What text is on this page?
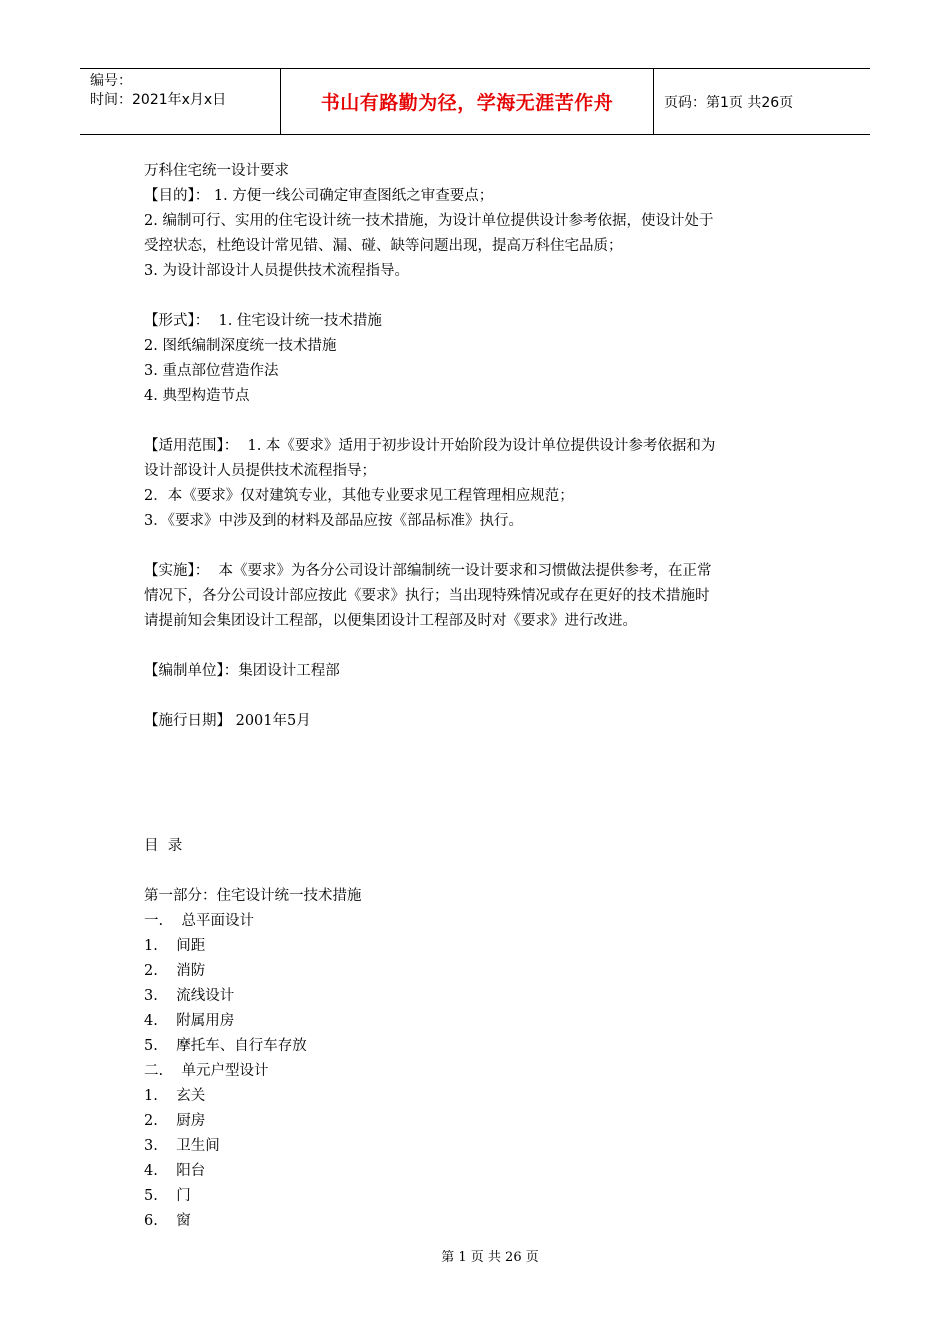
编号：
时间：2021年x月x日	书山有路勤为径，学海无涯苦作舟	页码：第1页 共26页

万科住宅统一设计要求

【目的】： 1. 方便一线公司确定审查图纸之审查要点；

2. 编制可行、实用的住宅设计统一技术措施，为设计单位提供设计参考依据，使设计处于

受控状态，杜绝设计常见错、漏、碰、缺等问题出现，提高万科住宅品质；

3. 为设计部设计人员提供技术流程指导。

【形式】：  1. 住宅设计统一技术措施

2. 图纸编制深度统一技术措施

3. 重点部位营造作法

4. 典型构造节点

【适用范围】：  1. 本《要求》适用于初步设计开始阶段为设计单位提供设计参考依据和为

设计部设计人员提供技术流程指导；

2．本《要求》仅对建筑专业，其他专业要求见工程管理相应规范；

3．《要求》中涉及到的材料及部品应按《部品标准》执行。

【实施】：  本《要求》为各分公司设计部编制统一设计要求和习惯做法提供参考，在正常

情况下，各分公司设计部应按此《要求》执行；当出现特殊情况或存在更好的技术措施时

请提前知会集团设计工程部，以便集团设计工程部及时对《要求》进行改进。

【编制单位】：集团设计工程部

【施行日期】 2001年5月

目  录

第一部分：住宅设计统一技术措施

一.    总平面设计

1.    间距

2.    消防

3.    流线设计

4.    附属用房

5.    摩托车、自行车存放

二.    单元户型设计

1.    玄关

2.    厨房

3.    卫生间

4.    阳台

5.    门

6.    窗

第 1 页 共 26 页
